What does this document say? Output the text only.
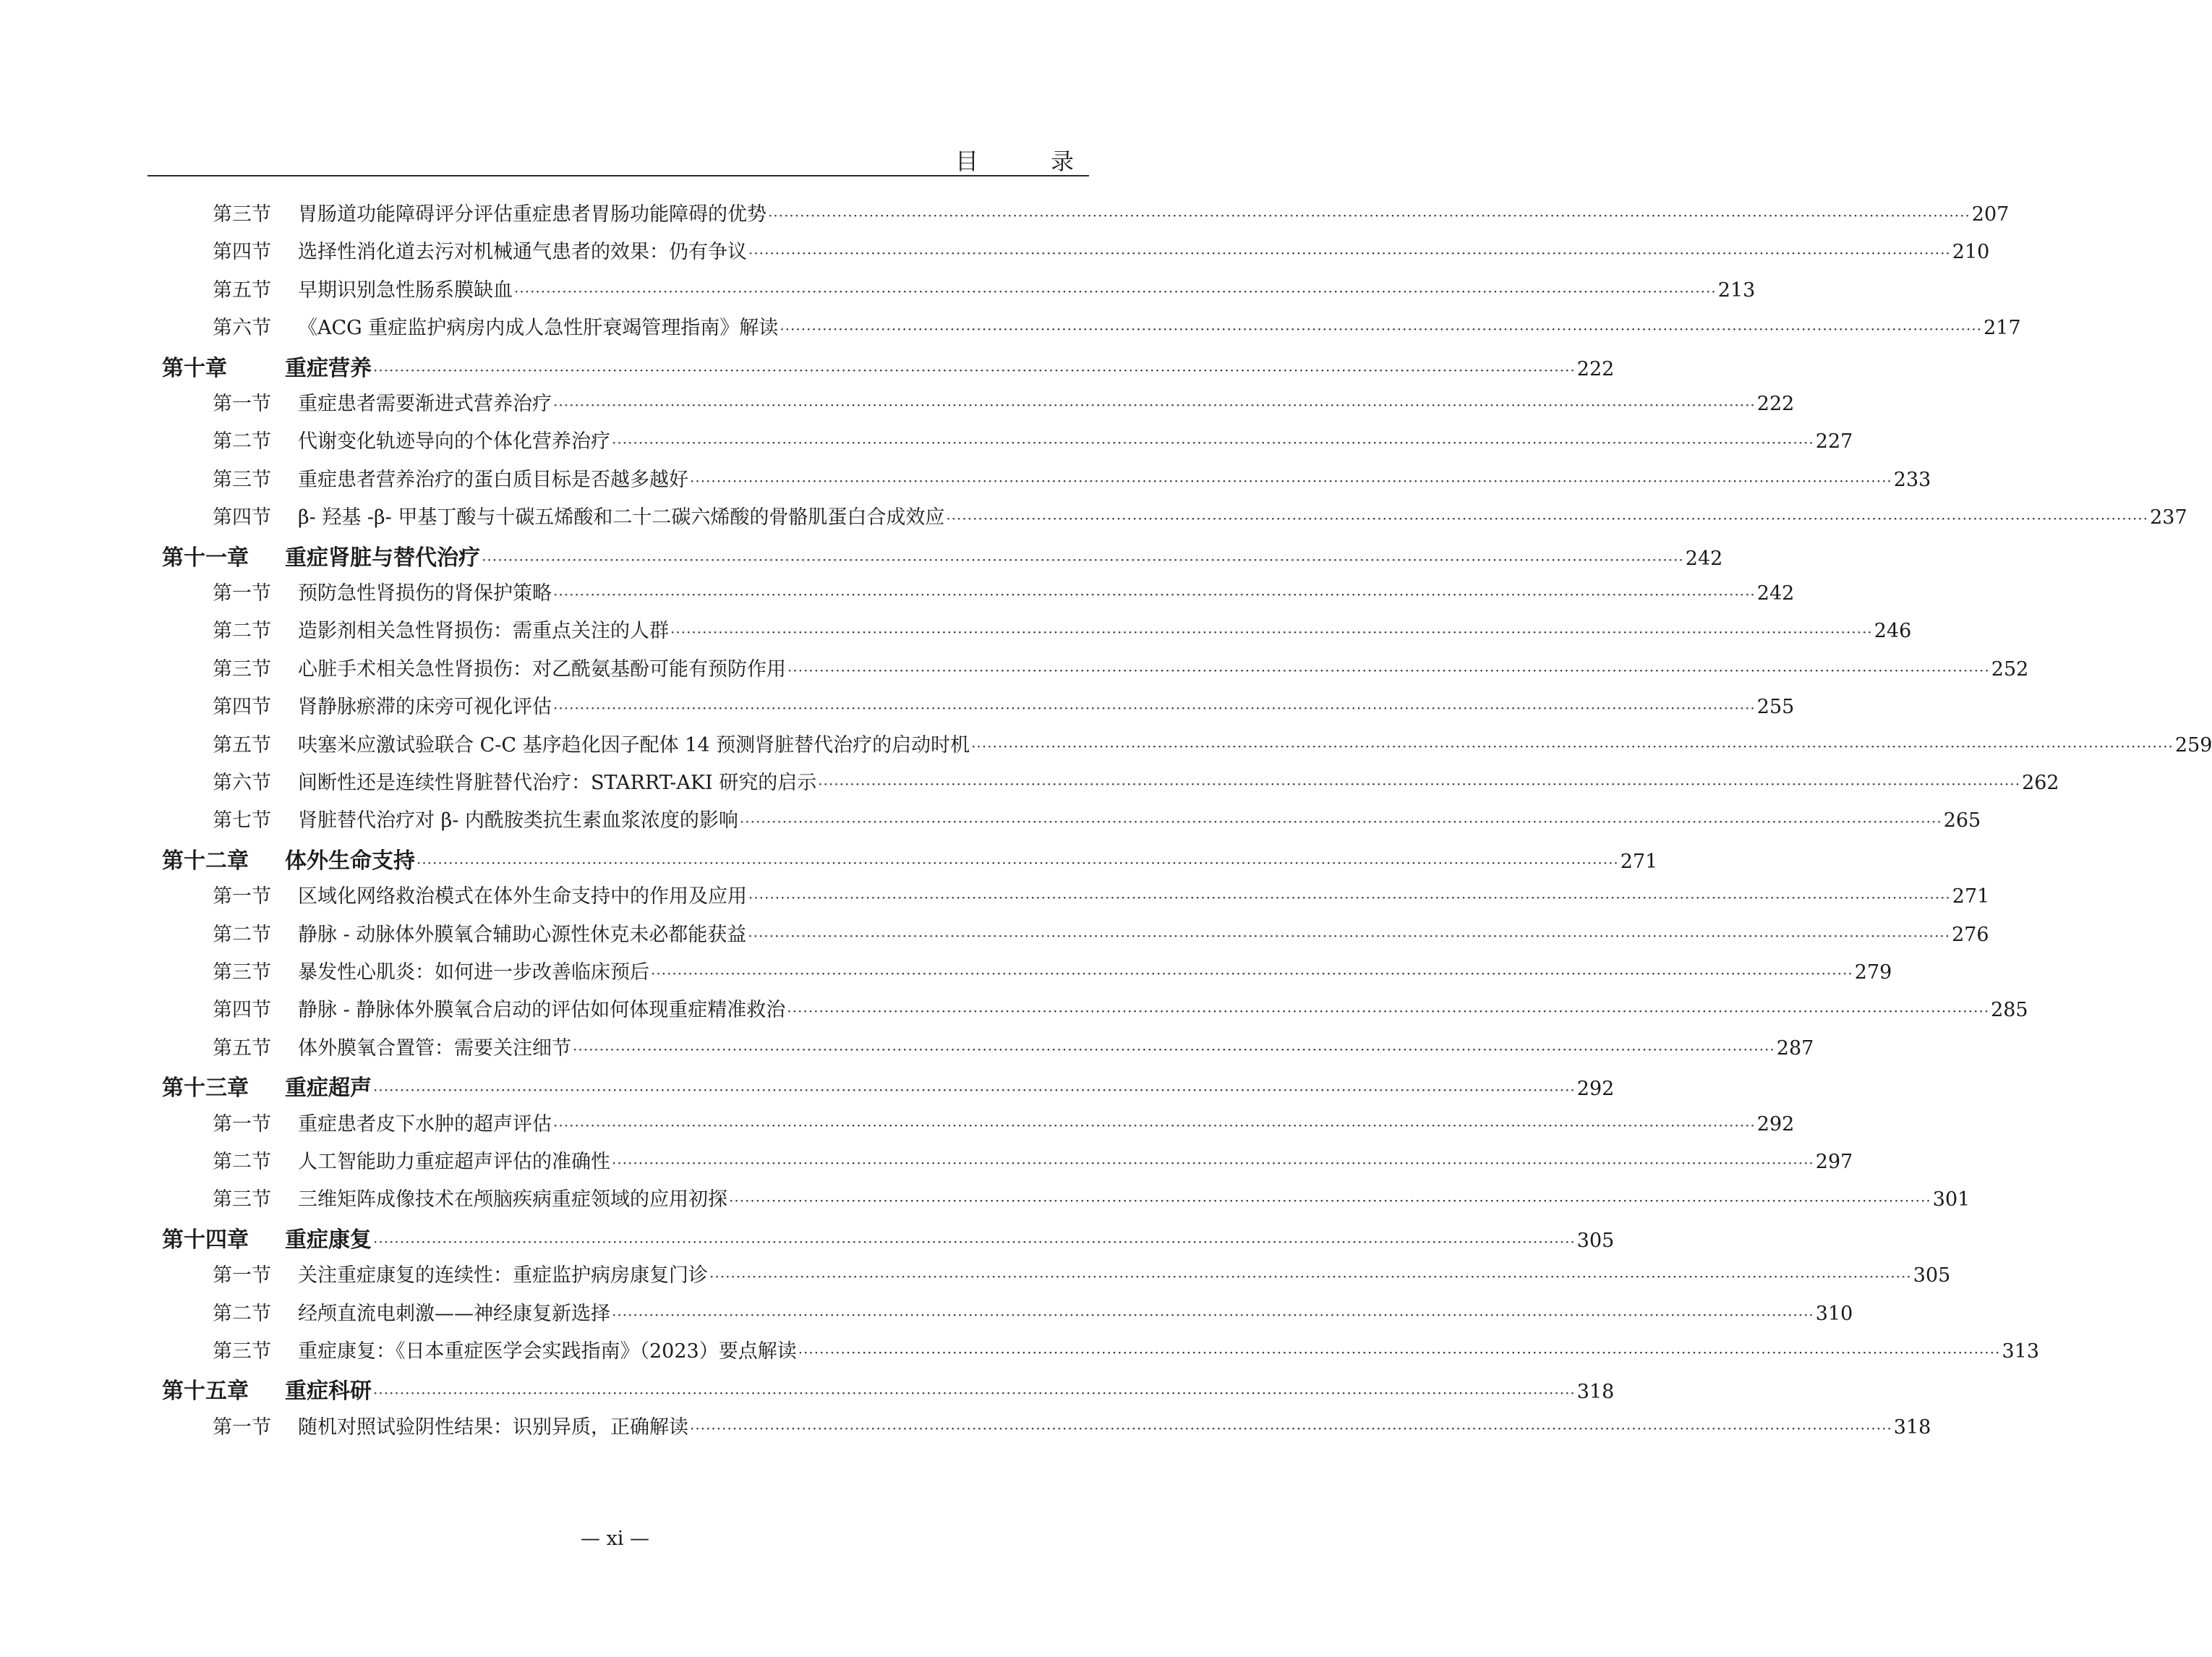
目　录
第三节	胃肠道功能障碍评分评估重症患者胃肠功能障碍的优势 ·····	207
第四节	选择性消化道去污对机械通气患者的效果：仍有争议 ·····	210
第五节	早期识别急性肠系膜缺血 ·····	213
第六节	《ACG 重症监护病房内成人急性肝衰竭管理指南》解读 ·····	217
第十章	重症营养 ·····	222
第一节	重症患者需要渐进式营养治疗 ·····	222
第二节	代谢变化轨迹导向的个体化营养治疗 ·····	227
第三节	重症患者营养治疗的蛋白质目标是否越多越好 ·····	233
第四节	β- 羟基 -β- 甲基丁酸与十碳五烯酸和二十二碳六烯酸的骨骼肌蛋白合成效应 ·····	237
第十一章	重症肾脏与替代治疗 ·····	242
第一节	预防急性肾损伤的肾保护策略 ·····	242
第二节	造影剂相关急性肾损伤：需重点关注的人群 ·····	246
第三节	心脏手术相关急性肾损伤：对乙酰氨基酚可能有预防作用 ·····	252
第四节	肾静脉瘀滞的床旁可视化评估 ·····	255
第五节	呋塞米应激试验联合 C-C 基序趋化因子配体 14 预测肾脏替代治疗的启动时机 ·····	259
第六节	间断性还是连续性肾脏替代治疗：STARRT-AKI 研究的启示 ·····	262
第七节	肾脏替代治疗对 β- 内酰胺类抗生素血浆浓度的影响 ·····	265
第十二章	体外生命支持 ·····	271
第一节	区域化网络救治模式在体外生命支持中的作用及应用 ·····	271
第二节	静脉 - 动脉体外膜氧合辅助心源性休克未必都能获益 ·····	276
第三节	暴发性心肌炎：如何进一步改善临床预后 ·····	279
第四节	静脉 - 静脉体外膜氧合启动的评估如何体现重症精准救治 ·····	285
第五节	体外膜氧合置管：需要关注细节 ·····	287
第十三章	重症超声 ·····	292
第一节	重症患者皮下水肿的超声评估 ·····	292
第二节	人工智能助力重症超声评估的准确性 ·····	297
第三节	三维矩阵成像技术在颅脑疾病重症领域的应用初探 ·····	301
第十四章	重症康复 ·····	305
第一节	关注重症康复的连续性：重症监护病房康复门诊 ·····	305
第二节	经颅直流电刺激——神经康复新选择 ·····	310
第三节	重症康复：《日本重症医学会实践指南》（2023）要点解读 ·····	313
第十五章	重症科研 ·····	318
第一节	随机对照试验阴性结果：识别异质，正确解读 ·····	318
— xi —
